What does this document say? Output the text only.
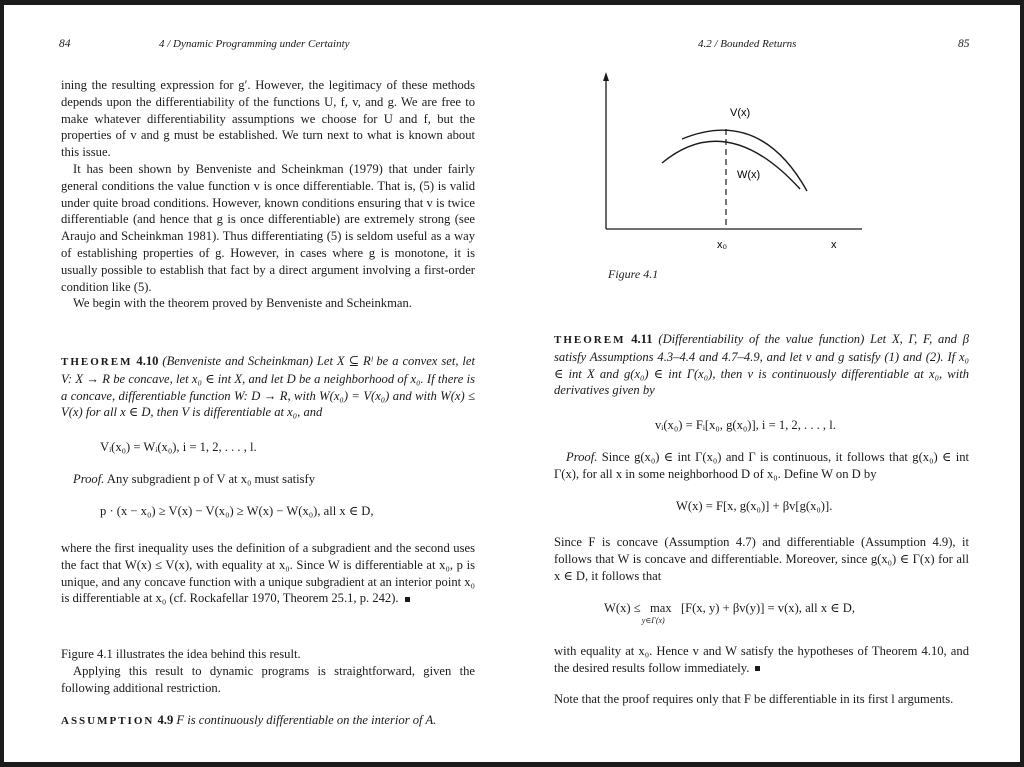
84	4 / Dynamic Programming under Certainty

ining the resulting expression for g′. However, the legitimacy of these methods depends upon the differentiability of the functions U, f, v, and g. We are free to make whatever differentiability assumptions we choose for U and f, but the properties of v and g must be established. We turn next to what is known about this issue.

It has been shown by Benveniste and Scheinkman (1979) that under fairly general conditions the value function v is once differentiable. That is, (5) is valid under quite broad conditions. However, known conditions ensuring that v is twice differentiable (and hence that g is once differentiable) are extremely strong (see Araujo and Scheinkman 1981). Thus differentiating (5) is seldom useful as a way of establishing properties of g. However, in cases where g is monotone, it is usually possible to establish that fact by a direct argument involving a first-order condition like (5).

We begin with the theorem proved by Benveniste and Scheinkman.

THEOREM 4.10 (Benveniste and Scheinkman) Let X ⊆ Rˡ be a convex set, let V: X → R be concave, let x₀ ∈ int X, and let D be a neighborhood of x₀. If there is a concave, differentiable function W: D → R, with W(x₀) = V(x₀) and with W(x) ≤ V(x) for all x ∈ D, then V is differentiable at x₀, and
Vᵢ(x₀) = Wᵢ(x₀), i = 1, 2, . . . , l.
Proof. Any subgradient p of V at x₀ must satisfy
p · (x − x₀) ≥ V(x) − V(x₀) ≥ W(x) − W(x₀), all x ∈ D,
where the first inequality uses the definition of a subgradient and the second uses the fact that W(x) ≤ V(x), with equality at x₀. Since W is differentiable at x₀, p is unique, and any concave function with a unique subgradient at an interior point x₀ is differentiable at x₀ (cf. Rockafellar 1970, Theorem 25.1, p. 242).

Figure 4.1 illustrates the idea behind this result.

Applying this result to dynamic programs is straightforward, given the following additional restriction.

ASSUMPTION 4.9 F is continuously differentiable on the interior of A.
4.2 / Bounded Returns	85
V(x)
W(x)
x₀	x
Figure 4.1
THEOREM 4.11 (Differentiability of the value function) Let X, Γ, F, and β satisfy Assumptions 4.3–4.4 and 4.7–4.9, and let v and g satisfy (1) and (2). If x₀ ∈ int X and g(x₀) ∈ int Γ(x₀), then v is continuously differentiable at x₀, with derivatives given by
vᵢ(x₀) = Fᵢ[x₀, g(x₀)], i = 1, 2, . . . , l.
Proof. Since g(x₀) ∈ int Γ(x₀) and Γ is continuous, it follows that g(x₀) ∈ int Γ(x), for all x in some neighborhood D of x₀. Define W on D by
W(x) = F[x, g(x₀)] + βv[g(x₀)].
Since F is concave (Assumption 4.7) and differentiable (Assumption 4.9), it follows that W is concave and differentiable. Moreover, since g(x₀) ∈ Γ(x) for all x ∈ D, it follows that
W(x) ≤ max
y∈Γ(x)
[F(x, y) + βv(y)] = v(x), all x ∈ D,
with equality at x₀. Hence v and W satisfy the hypotheses of Theorem 4.10, and the desired results follow immediately.
Note that the proof requires only that F be differentiable in its first l arguments.
